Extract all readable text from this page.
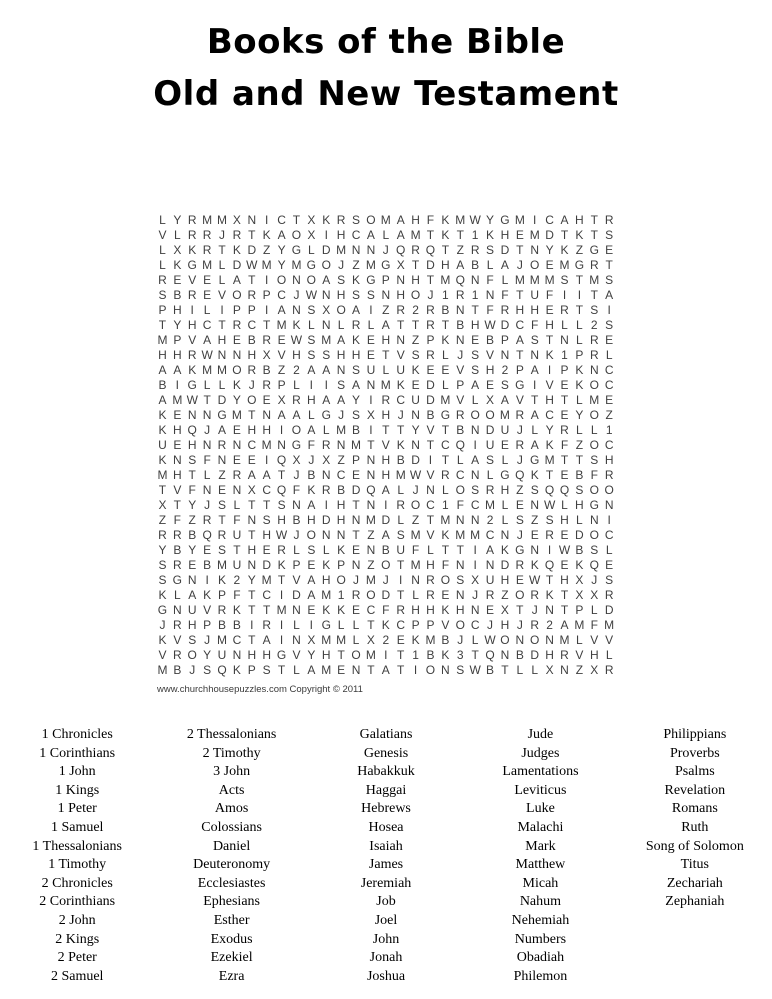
Books of the Bible
Old and New Testament
L Y R M M X N I C T X K R S O M A H F K M W Y G M I C A H T R
V L R R J R T K A O X I H C A L A M T K T 1 K H E M D T K T S
L X K R T K D Z Y G L D M N N J Q R Q T Z R S D T N Y K Z G E
L K G M L D W M Y M G O J Z M G X T D H A B L A J O E M G R T
R E V E L A T I O N O A S K G P N H T M Q N F L M M M S T M S
S B R E V O R P C J W N H S S N H O J 1 R 1 N F T U F I I T A
P H I L I P P I A N S X O A I Z R 2 R B N T F R H H E R T S I
T Y H C T R C T M K L N L R L A T T R T B H W D C F H L L 2 S
M P V A H E B R E W S M A K E H N Z P K N E B P A S T N L R E
H H R W N N H X V H S S H H E T V S R L J S V N T N K 1 P R L
A A K M M O R B Z 2 A A N S U L U K E E V S H 2 P A I P K N C
B I G L L K J R P L I I S A N M K E D L P A E S G I V E K O C
A M W T D Y O E X R H A A Y I R C U D M V L X A V T H T L M E
K E N N G M T N A A L G J S X H J N B G R O O M R A C E Y O Z
K H Q J A E H H I O A L M B I T T Y V T B N D U J L Y R L L 1
U E H N R N C M N G F R N M T V K N T C Q I U E R A K F Z O C
K N S F N E E I Q X J X Z P N H B D I T L A S L J G M T T S H
M H T L Z R A A T J B N C E N H M W V R C N L G Q K T E B F R
T V F N E N X C Q F K R B D Q A L J N L O S R H Z S Q Q S O O
X T Y J S L T T S N A I H T N I R O C 1 F C M L E N W L H G N
Z F Z R T F N S H B H D H N M D L Z T M N N 2 L S Z S H L N I
R R B Q R U T H W J O N N T Z A S M V K M M C N J E R E D O C
Y B Y E S T H E R L S L K E N B U F L T T I A K G N I W B S L
S R E B M U N D K P E K P N Z O T M H F N I N D R K Q E K Q E
S G N I K 2 Y M T V A H O J M J I N R O S X U H E W T H X J S
K L A K P F T C I D A M 1 R O D T L R E N J R Z O R K T X X R
G N U V R K T T M N E K K E C F R H H K H N E X T J N T P L D
J R H P B B I R I L I G L L T K C P P V O C J H J R 2 A M F M
K V S J M C T A I N X M M L X 2 E K M B J L W O N O N M L V V
V R O Y U N H H G V Y H T O M I T 1 B K 3 T Q N B D H R V H L
M B J S Q K P S T L A M E N T A T I O N S W B T L L X N Z X R
www.churchhousepuzzles.com Copyright © 2011
1 Chronicles
1 Corinthians
1 John
1 Kings
1 Peter
1 Samuel
1 Thessalonians
1 Timothy
2 Chronicles
2 Corinthians
2 John
2 Kings
2 Peter
2 Samuel
2 Thessalonians
2 Timothy
3 John
Acts
Amos
Colossians
Daniel
Deuteronomy
Ecclesiastes
Ephesians
Esther
Exodus
Ezekiel
Ezra
Galatians
Genesis
Habakkuk
Haggai
Hebrews
Hosea
Isaiah
James
Jeremiah
Job
Joel
John
Jonah
Joshua
Jude
Judges
Lamentations
Leviticus
Luke
Malachi
Mark
Matthew
Micah
Nahum
Nehemiah
Numbers
Obadiah
Philemon
Philippians
Proverbs
Psalms
Revelation
Romans
Ruth
Song of Solomon
Titus
Zechariah
Zephaniah
